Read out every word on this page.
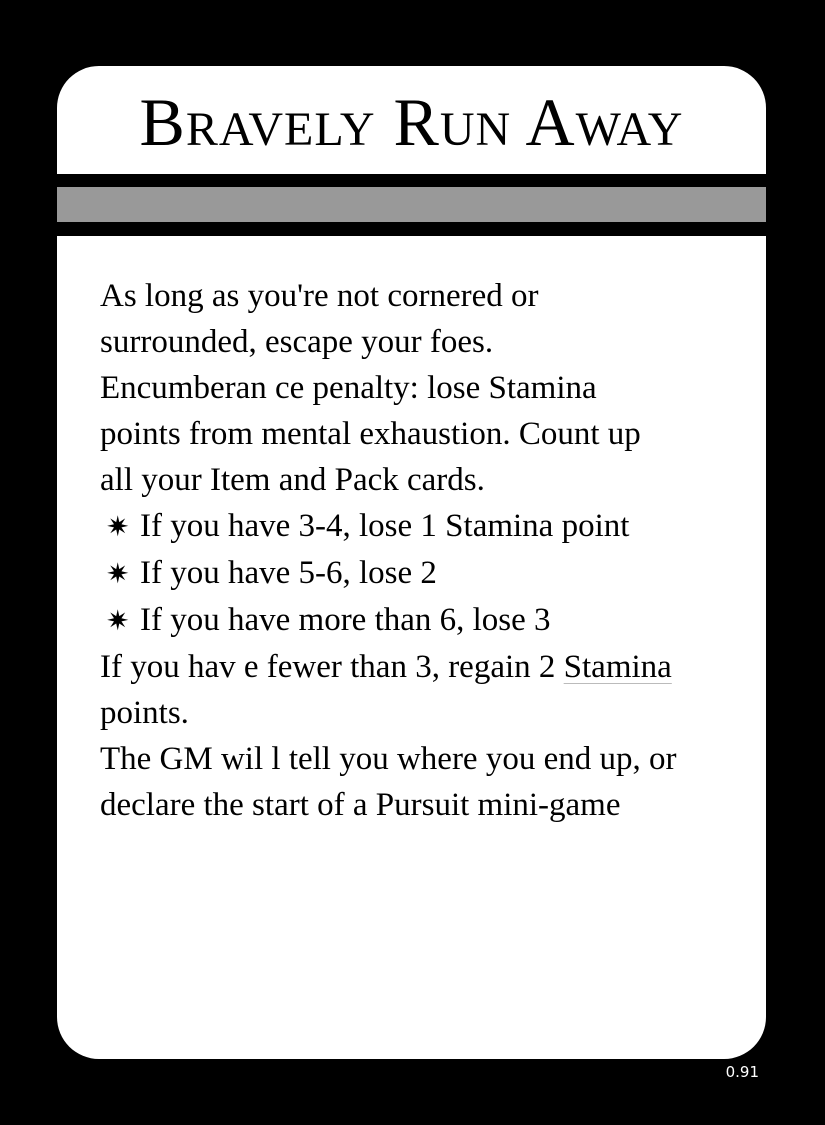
Bravely Run Away
As long as you're not cornered or
surrounded, escape your foes.
Encumberan ce penalty: lose Stamina
points from mental exhaustion. Count up
all your Item and Pack cards.
✷ If you have 3-4, lose 1 Stamina point
✷ If you have 5-6, lose 2
✷ If you have more than 6, lose 3
If you hav e fewer than 3, regain 2 Stamina
points.
The GM wil l tell you where you end up, or
declare the start of a Pursuit mini-game
0.91
